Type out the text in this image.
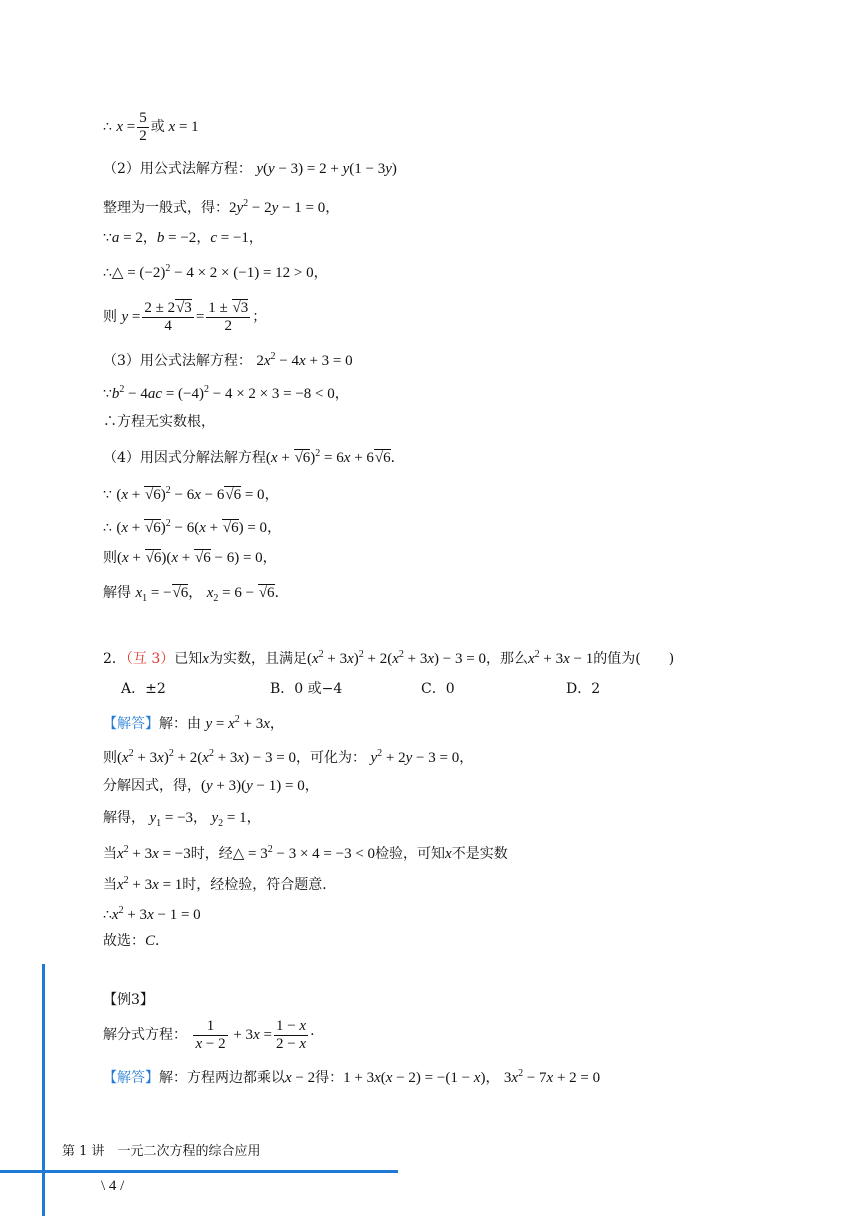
∴ $x = \frac{5}{2}$ 或 x = 1
（2）用公式法解方程： y(y − 3) = 2 + y(1 − 3y)
整理为一般式，得：$2y^2 - 2y - 1 = 0$，
∵a = 2，b = −2，c = −1，
∴△ = $(-2)^2 - 4 \times 2 \times (-1) = 12 > 0$，
则 $y = \frac{2 \pm 2√3}{4} = \frac{1 \pm √3}{2}$ ；
（3）用公式法解方程： $2x^2 - 4x + 3 = 0$
$\because b^2 - 4ac = (-4)^2 - 4 \times 2 \times 3 = -8 < 0$，
∴方程无实数根，
（4）用因式分解法解方程$(x + √6)^2 = 6x + 6√6$．
∵ $(x + √6)^2 - 6x - 6√6 = 0$，
∴ $(x + √6)^2 - 6(x + √6) = 0$，
则(x + √6)(x + √6 − 6) = 0，
解得 $x_1 = -√6$， $x_2 = 6 - √6$．
2．（互 3）已知x为实数，且满足$(x^2 + 3x)^2 + 2(x^2 + 3x) - 3 = 0$，那么$x^2 + 3x - 1$的值为(　　)
A．±2	B．0 或−4	C．0	D．2
【解答】解：由 $y = x^2 + 3x$，
则$(x^2 + 3x)^2 + 2(x^2 + 3x) - 3 = 0$，可化为： $y^2 + 2y - 3 = 0$，
分解因式，得，(y + 3)(y − 1) = 0，
解得， $y_1 = -3$， $y_2 = 1$，
当$x^2 + 3x = -3$时，经△ = $3^2 - 3 \times 4 = -3 < 0$检验，可知x不是实数
当$x^2 + 3x = 1$时，经检验，符合题意．
$\therefore x^2 + 3x - 1 = 0$
故选：C．
【例3】
解分式方程： $\frac{1}{x - 2} + 3x = \frac{1 - x}{2 - x}$ ·
【解答】解：方程两边都乘以x − 2得：1 + 3x(x − 2) = −(1 − x)， $3x^2 - 7x + 2 = 0$
第 1 讲　一元二次方程的综合应用
\ 4 /
